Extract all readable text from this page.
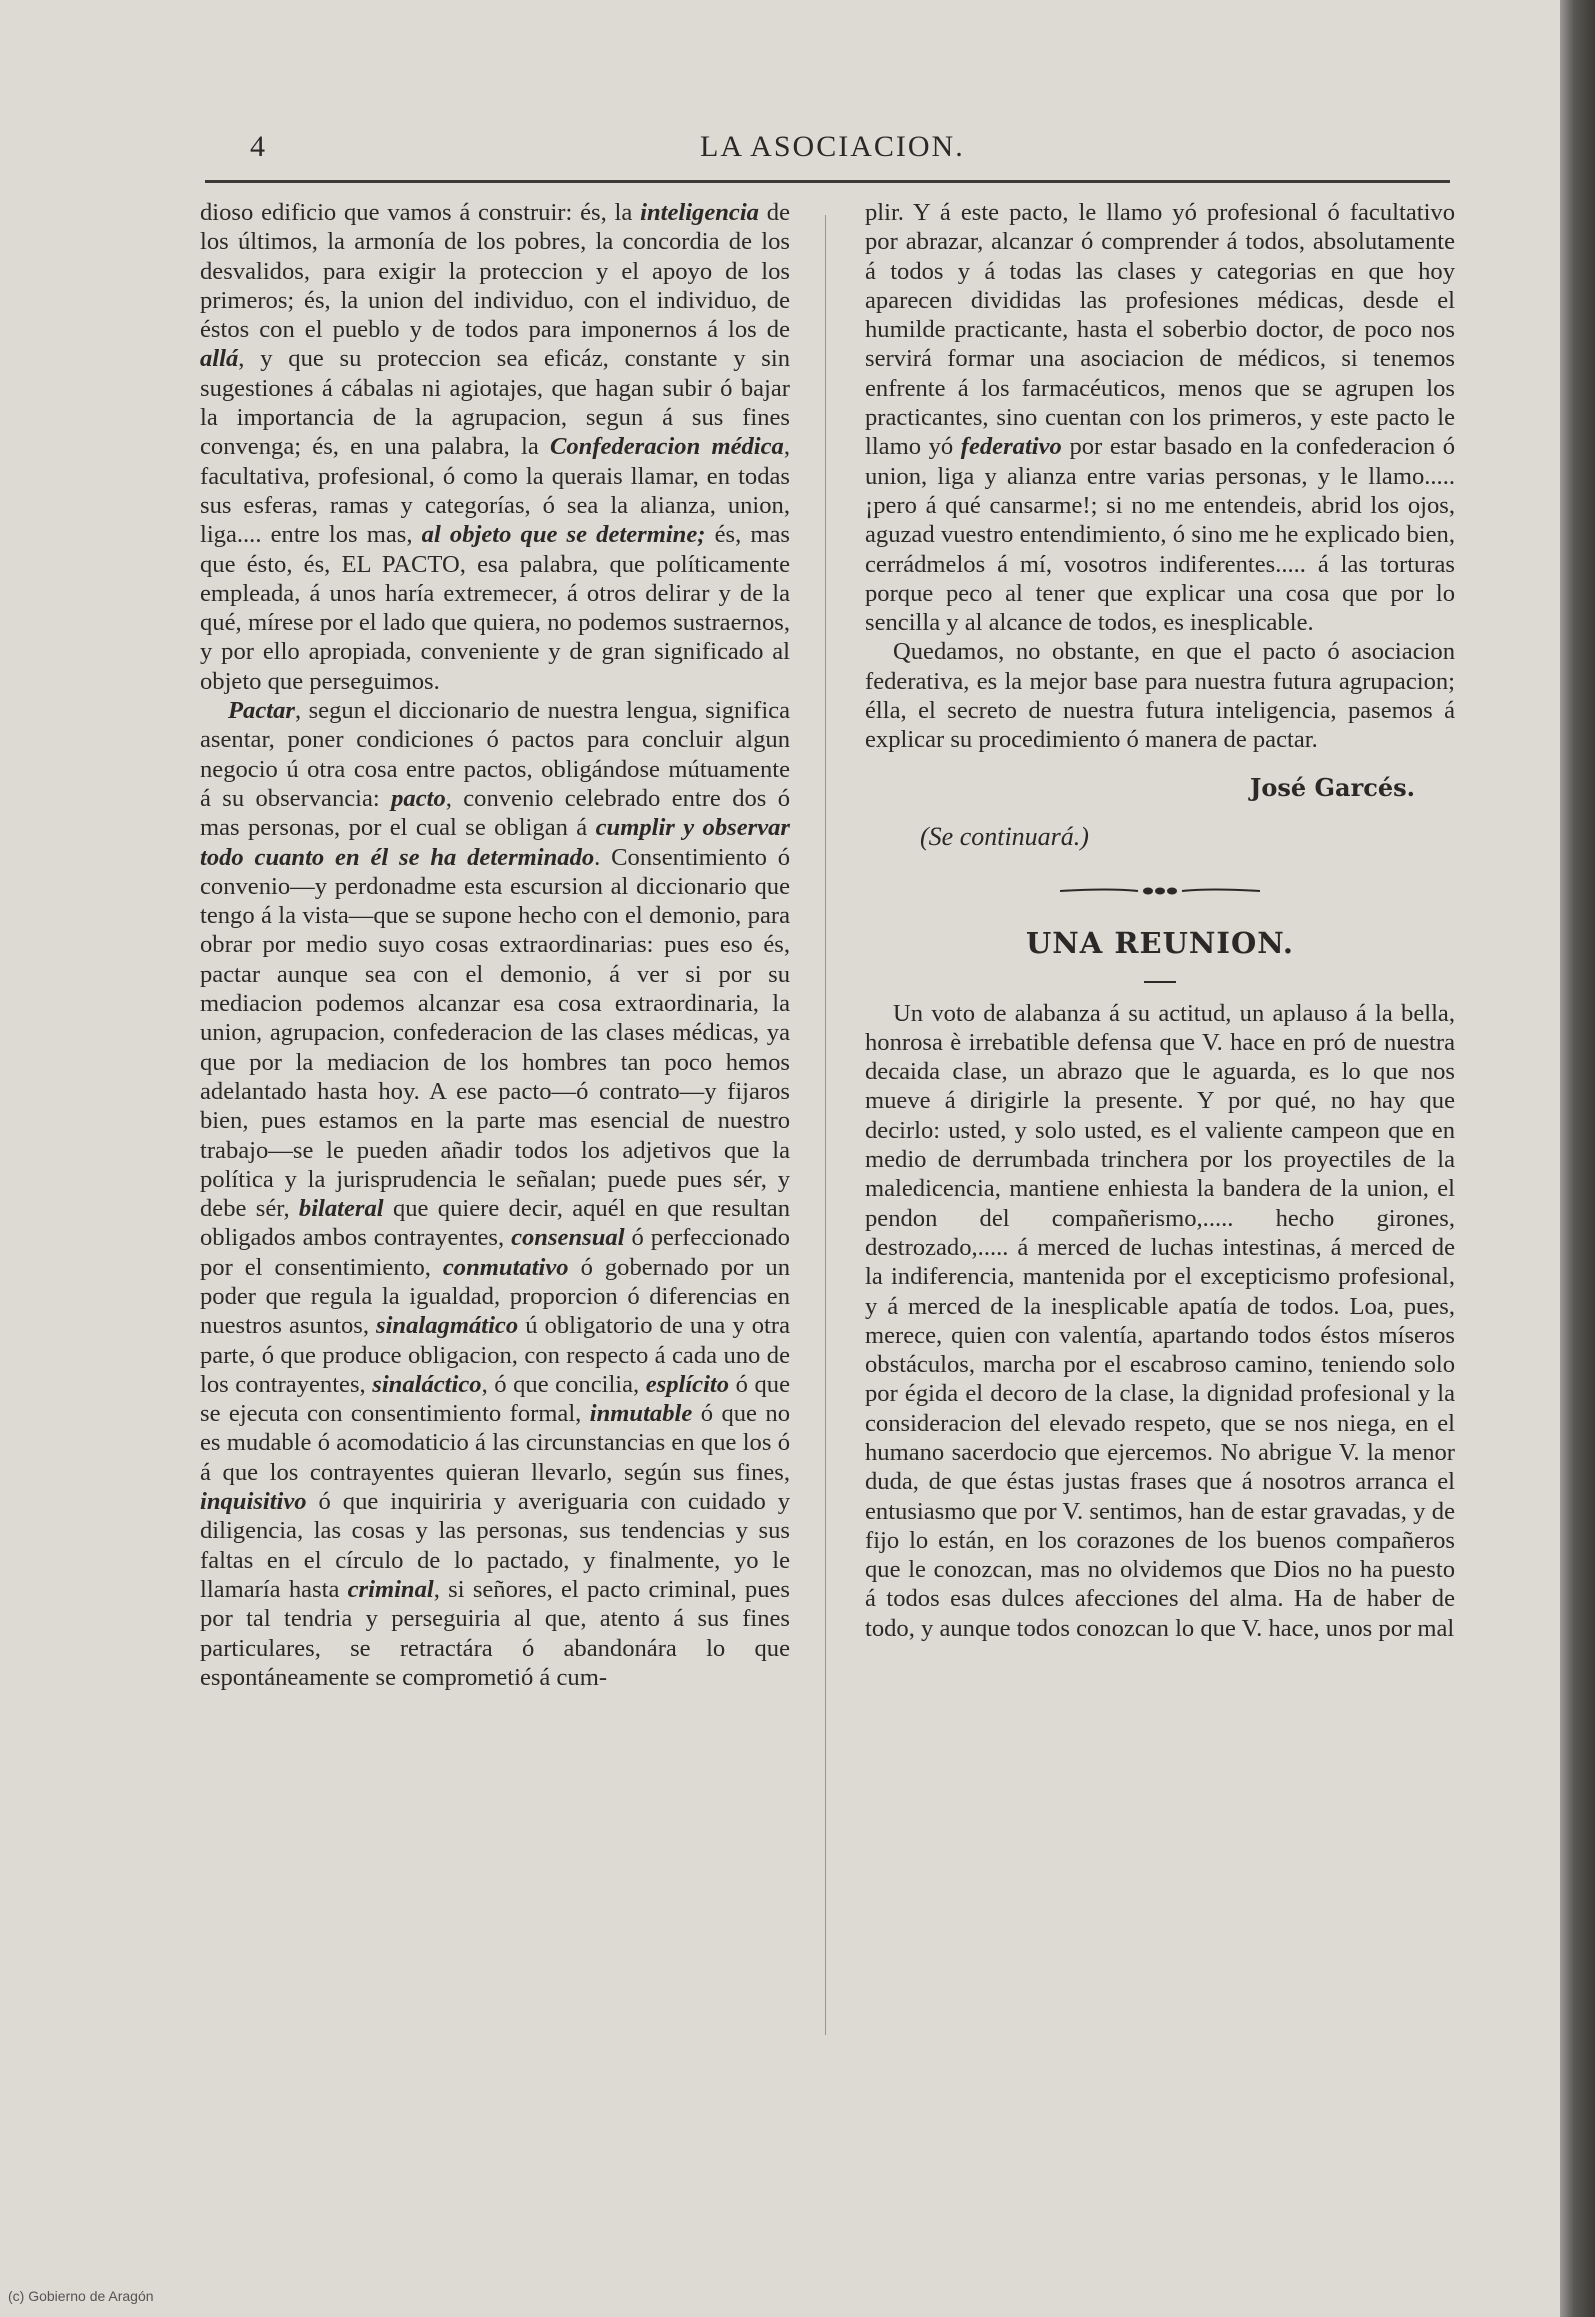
4	LA ASOCIACION.

dioso edificio que vamos á construir: és, la inteligencia de los últimos, la armonía de los pobres, la concordia de los desvalidos, para exigir la proteccion y el apoyo de los primeros; és, la union del individuo, con el individuo, de éstos con el pueblo y de todos para imponernos á los de allá, y que su proteccion sea eficáz, constante y sin sugestiones á cábalas ni agiotajes, que hagan subir ó bajar la importancia de la agrupacion, segun á sus fines convenga; és, en una palabra, la Confederacion médica, facultativa, profesional, ó como la querais llamar, en todas sus esferas, ramas y categorías, ó sea la alianza, union, liga.... entre los mas, al objeto que se determine; és, mas que ésto, és, EL PACTO, esa palabra, que políticamente empleada, á unos haría extremecer, á otros delirar y de la qué, mírese por el lado que quiera, no podemos sustraernos, y por ello apropiada, conveniente y de gran significado al objeto que perseguimos.

Pactar, segun el diccionario de nuestra lengua, significa asentar, poner condiciones ó pactos para concluir algun negocio ú otra cosa entre pactos, obligándose mútuamente á su observancia: pacto, convenio celebrado entre dos ó mas personas, por el cual se obligan á cumplir y observar todo cuanto en él se ha determinado. Consentimiento ó convenio—y perdonadme esta escursion al diccionario que tengo á la vista—que se supone hecho con el demonio, para obrar por medio suyo cosas extraordinarias: pues eso és, pactar aunque sea con el demonio, á ver si por su mediacion podemos alcanzar esa cosa extraordinaria, la union, agrupacion, confederacion de las clases médicas, ya que por la mediacion de los hombres tan poco hemos adelantado hasta hoy. A ese pacto—ó contrato—y fijaros bien, pues estamos en la parte mas esencial de nuestro trabajo—se le pueden añadir todos los adjetivos que la política y la jurisprudencia le señalan; puede pues sér, y debe sér, bilateral que quiere decir, aquél en que resultan obligados ambos contrayentes, consensual ó perfeccionado por el consentimiento, conmutativo ó gobernado por un poder que regula la igualdad, proporcion ó diferencias en nuestros asuntos, sinalagmático ú obligatorio de una y otra parte, ó que produce obligacion, con respecto á cada uno de los contrayentes, sinaláctico, ó que concilia, esplícito ó que se ejecuta con consentimiento formal, inmutable ó que no es mudable ó acomodaticio á las circunstancias en que los ó á que los contrayentes quieran llevarlo, según sus fines, inquisitivo ó que inquiriria y averiguaria con cuidado y diligencia, las cosas y las personas, sus tendencias y sus faltas en el círculo de lo pactado, y finalmente, yo le llamaría hasta criminal, si señores, el pacto criminal, pues por tal tendria y perseguiria al que, atento á sus fines particulares, se retractára ó abandonára lo que espontáneamente se comprometió á cum-

plir. Y á este pacto, le llamo yó profesional ó facultativo por abrazar, alcanzar ó comprender á todos, absolutamente á todos y á todas las clases y categorias en que hoy aparecen divididas las profesiones médicas, desde el humilde practicante, hasta el soberbio doctor, de poco nos servirá formar una asociacion de médicos, si tenemos enfrente á los farmacéuticos, menos que se agrupen los practicantes, sino cuentan con los primeros, y este pacto le llamo yó federativo por estar basado en la confederacion ó union, liga y alianza entre varias personas, y le llamo..... ¡pero á qué cansarme!; si no me entendeis, abrid los ojos, aguzad vuestro entendimiento, ó sino me he explicado bien, cerrádmelos á mí, vosotros indiferentes..... á las torturas porque peco al tener que explicar una cosa que por lo sencilla y al alcance de todos, es inesplicable.

Quedamos, no obstante, en que el pacto ó asociacion federativa, es la mejor base para nuestra futura agrupacion; élla, el secreto de nuestra futura inteligencia, pasemos á explicar su procedimiento ó manera de pactar.

José Garcés.

(Se continuará.)

UNA REUNION.

Un voto de alabanza á su actitud, un aplauso á la bella, honrosa è irrebatible defensa que V. hace en pró de nuestra decaida clase, un abrazo que le aguarda, es lo que nos mueve á dirigirle la presente. Y por qué, no hay que decirlo: usted, y solo usted, es el valiente campeon que en medio de derrumbada trinchera por los proyectiles de la maledicencia, mantiene enhiesta la bandera de la union, el pendon del compañerismo,..... hecho girones, destrozado,..... á merced de luchas intestinas, á merced de la indiferencia, mantenida por el excepticismo profesional, y á merced de la inesplicable apatía de todos. Loa, pues, merece, quien con valentía, apartando todos éstos míseros obstáculos, marcha por el escabroso camino, teniendo solo por égida el decoro de la clase, la dignidad profesional y la consideracion del elevado respeto, que se nos niega, en el humano sacerdocio que ejercemos. No abrigue V. la menor duda, de que éstas justas frases que á nosotros arranca el entusiasmo que por V. sentimos, han de estar gravadas, y de fijo lo están, en los corazones de los buenos compañeros que le conozcan, mas no olvidemos que Dios no ha puesto á todos esas dulces afecciones del alma. Ha de haber de todo, y aunque todos conozcan lo que V. hace, unos por mal

(c) Gobierno de Aragón
